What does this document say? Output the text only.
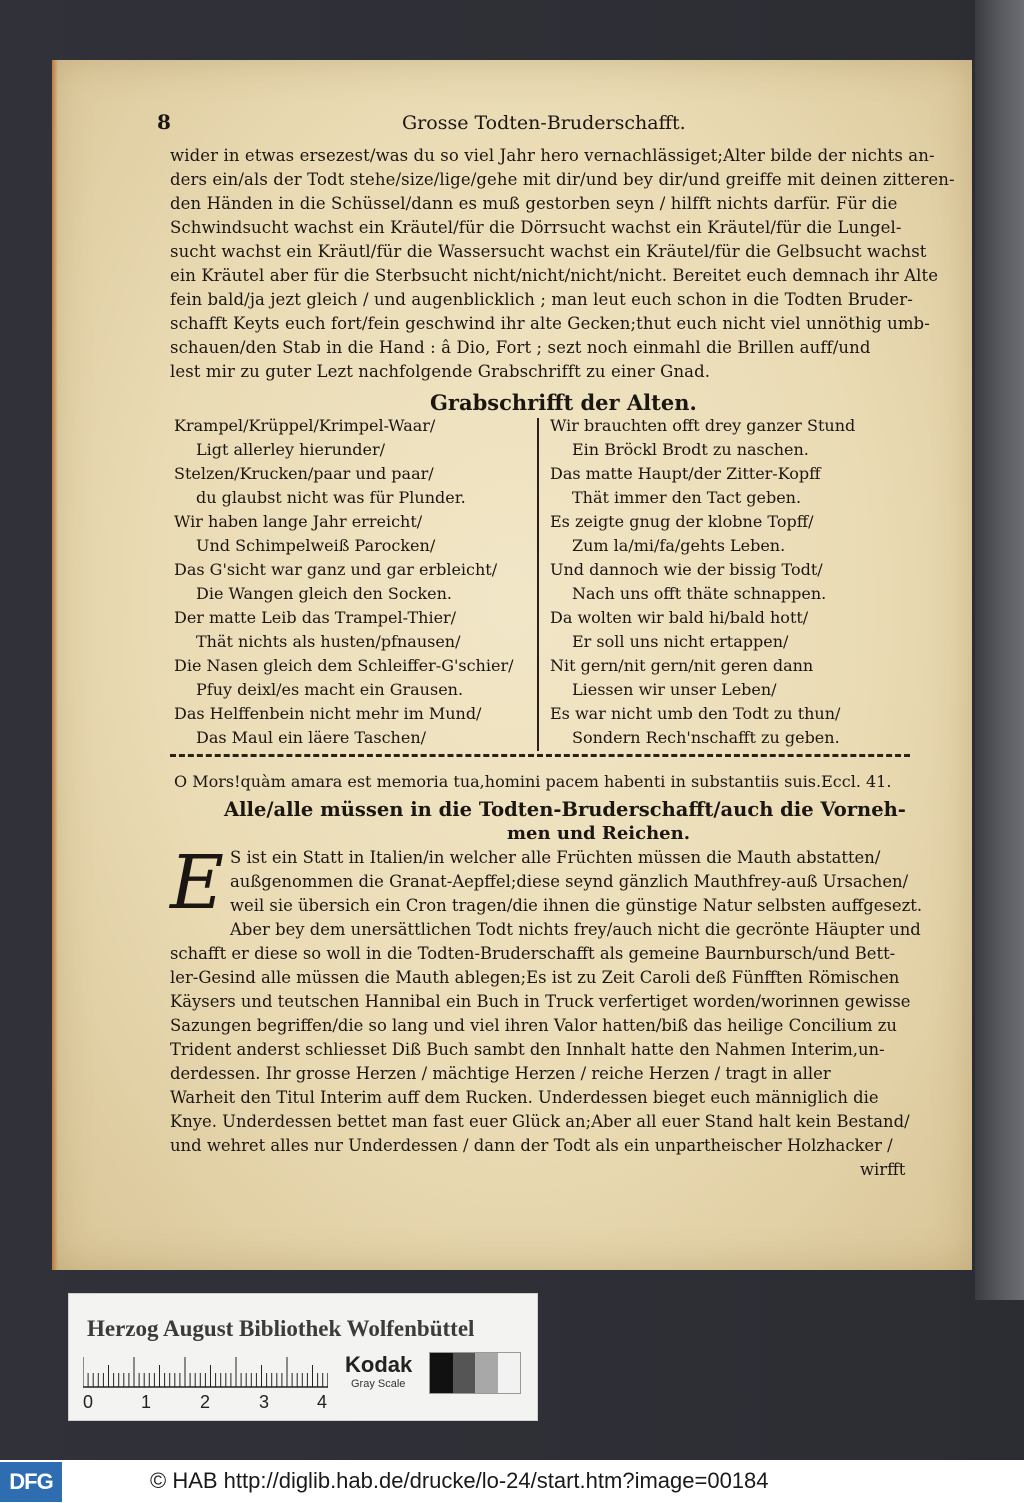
8	Grosse Todten-Bruderschafft.
wider in etwas ersezest/was du so viel Jahr hero vernachlässiget;Alter bilde der nichts an-
ders ein/als der Todt stehe/size/lige/gehe mit dir/und bey dir/und greiffe mit deinen zitteren-
den Händen in die Schüssel/dann es muß gestorben seyn / hilfft nichts darfür. Für die
Schwindsucht wachst ein Kräutel/für die Dörrsucht wachst ein Kräutel/für die Lungel-
sucht wachst ein Kräutl/für die Wassersucht wachst ein Kräutel/für die Gelbsucht wachst
ein Kräutel aber für die Sterbsucht nicht/nicht/nicht/nicht. Bereitet euch demnach ihr Alte
fein bald/ja jezt gleich / und augenblicklich ; man leut euch schon in die Todten Bruder-
schafft Keyts euch fort/fein geschwind ihr alte Gecken;thut euch nicht viel unnöthig umb-
schauen/den Stab in die Hand : â Dio, Fort ; sezt noch einmahl die Brillen auff/und
lest mir zu guter Lezt nachfolgende Grabschrifft zu einer Gnad.
Grabschrifft der Alten.
Krampel/Krüppel/Krimpel-Waar/
Ligt allerley hierunder/
Stelzen/Krucken/paar und paar/
du glaubst nicht was für Plunder.
Wir haben lange Jahr erreicht/
Und Schimpelweiß Parocken/
Das G'sicht war ganz und gar erbleicht/
Die Wangen gleich den Socken.
Der matte Leib das Trampel-Thier/
Thät nichts als husten/pfnausen/
Die Nasen gleich dem Schleiffer-G'schier/
Pfuy deixl/es macht ein Grausen.
Das Helffenbein nicht mehr im Mund/
Das Maul ein läere Taschen/
Wir brauchten offt drey ganzer Stund
Ein Bröckl Brodt zu naschen.
Das matte Haupt/der Zitter-Kopff
Thät immer den Tact geben.
Es zeigte gnug der klobne Topff/
Zum la/mi/fa/gehts Leben.
Und dannoch wie der bissig Todt/
Nach uns offt thäte schnappen.
Da wolten wir bald hi/bald hott/
Er soll uns nicht ertappen/
Nit gern/nit gern/nit geren dann
Liessen wir unser Leben/
Es war nicht umb den Todt zu thun/
Sondern Rech'nschafft zu geben.
O Mors!quàm amara est memoria tua,homini pacem habenti in substantiis suis.Eccl. 41.
Alle/alle müssen in die Todten-Bruderschafft/auch die Vorneh-
men und Reichen.
E S ist ein Statt in Italien/in welcher alle Früchten müssen die Mauth abstatten/
außgenommen die Granat-Aepffel;diese seynd gänzlich Mauthfrey-auß Ursachen/
weil sie übersich ein Cron tragen/die ihnen die günstige Natur selbsten auffgesezt.
Aber bey dem unersättlichen Todt nichts frey/auch nicht die gecrönte Häupter und
schafft er diese so woll in die Todten-Bruderschafft als gemeine Baurnbursch/und Bett-
ler-Gesind alle müssen die Mauth ablegen;Es ist zu Zeit Caroli deß Fünfften Römischen
Käysers und teutschen Hannibal ein Buch in Truck verfertiget worden/worinnen gewisse
Sazungen begriffen/die so lang und viel ihren Valor hatten/biß das heilige Concilium zu
Trident anderst schliesset Diß Buch sambt den Innhalt hatte den Nahmen Interim,un-
derdessen. Ihr grosse Herzen / mächtige Herzen / reiche Herzen / tragt in aller
Warheit den Titul Interim auff dem Rucken. Underdessen bieget euch männiglich die
Knye. Underdessen bettet man fast euer Glück an;Aber all euer Stand halt kein Bestand/
und wehret alles nur Underdessen / dann der Todt als ein unpartheischer Holzhacker /
wirfft
Herzog August Bibliothek Wolfenbüttel
0	1	2	3	4
Kodak
Gray Scale
DFG	© HAB http://diglib.hab.de/drucke/lo-24/start.htm?image=00184
